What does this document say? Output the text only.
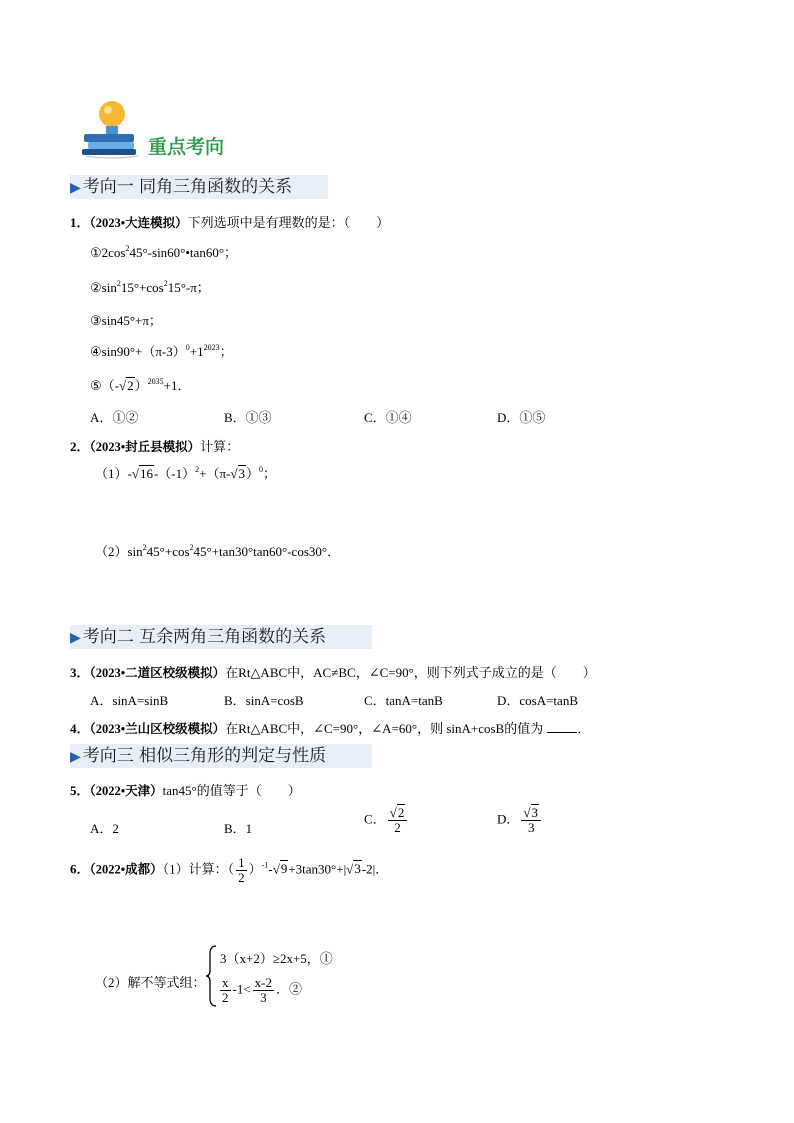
重点考向
▶ 考向一 同角三角函数的关系
1．（2023•大连模拟）下列选项中是有理数的是：（　　）
$①2\cos^245^\circ-\sin 60^\circ•\tan 60^\circ$；
$②\sin^215^\circ+\cos^215^\circ-\pi$；
③sin45°+π；
$④\sin 90^\circ+(\pi-3)^0+1^{2023}$；
$⑤(-√2)^{2035}+1$．
A．①②	B．①③	C．①④	D．①⑤
2．（2023•封丘县模拟）计算：
$(1)-√16-(-1)^2+(\pi-√3)^0$；
$(2)\sin^245^\circ+\cos^245^\circ+\tan 30^\circ\tan 60^\circ-\cos 30^\circ$．
▶ 考向二 互余两角三角函数的关系
3．（2023•二道区校级模拟）在Rt△ABC中，AC≠BC，∠C=90°，则下列式子成立的是（　　）
A．sinA=sinB	B．sinA=cosB	C．tanA=tanB	D．cosA=tanB
4．（2023•兰山区校级模拟）在Rt△ABC中，∠C=90°，∠A=60°，则 sinA+cosB的值为	．
▶ 考向三 相似三角形的判定与性质
5．（2022•天津）tan45°的值等于（　　）
A．2	B．1
C． $\frac{√2}{2}$	D． $\frac{√3}{3}$
6．（2022•成都）（1）计算：（ $\frac{1}{2} )^{-1}-√9+3\tan 30^\circ+|√3-2|$．
（2）解不等式组：
3（x+2）≥2x+5，①
$\frac{x}{2} -1< \frac{x-2}{3}$ ．②
